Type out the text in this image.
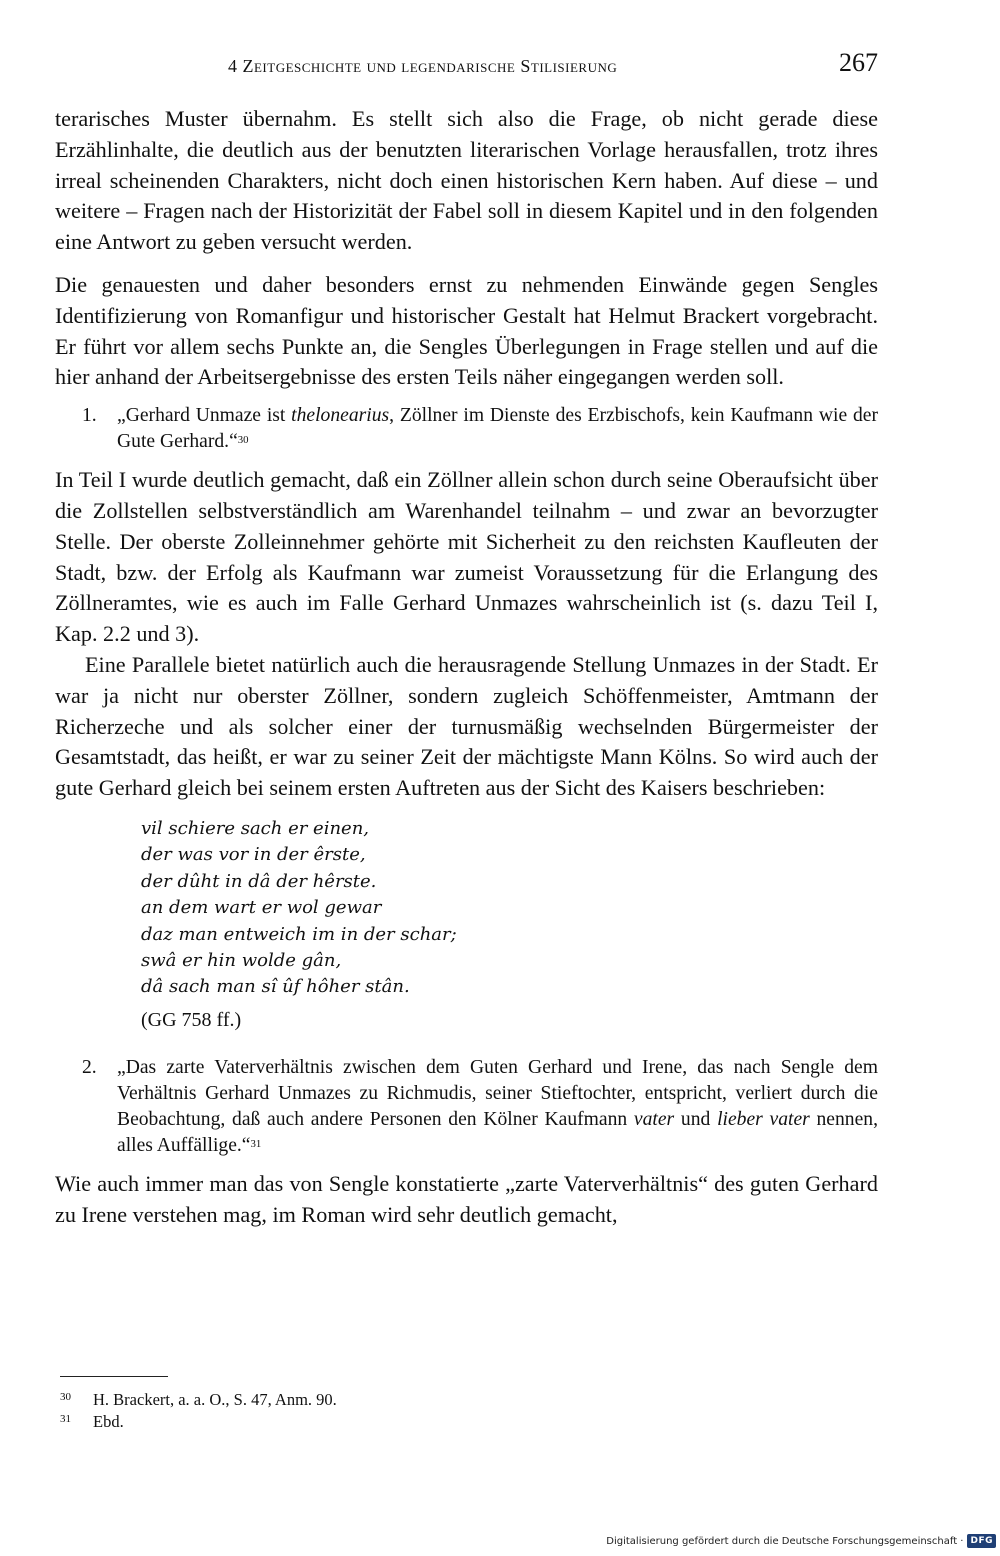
4 Zeitgeschichte und legendarische Stilisierung	267

terarisches Muster übernahm. Es stellt sich also die Frage, ob nicht gerade diese Erzählinhalte, die deutlich aus der benutzten literarischen Vorlage herausfallen, trotz ihres irreal scheinenden Charakters, nicht doch einen historischen Kern haben. Auf diese – und weitere – Fragen nach der Historizität der Fabel soll in diesem Kapitel und in den folgenden eine Antwort zu geben versucht werden.

Die genauesten und daher besonders ernst zu nehmenden Einwände gegen Sengles Identifizierung von Romanfigur und historischer Gestalt hat Helmut Brackert vorgebracht. Er führt vor allem sechs Punkte an, die Sengles Überlegungen in Frage stellen und auf die hier anhand der Arbeitsergebnisse des ersten Teils näher eingegangen werden soll.

1. „Gerhard Unmaze ist thelonearius, Zöllner im Dienste des Erzbischofs, kein Kaufmann wie der Gute Gerhard.“$^{30}$

In Teil I wurde deutlich gemacht, daß ein Zöllner allein schon durch seine Oberaufsicht über die Zollstellen selbstverständlich am Warenhandel teilnahm – und zwar an bevorzugter Stelle. Der oberste Zolleinnehmer gehörte mit Sicherheit zu den reichsten Kaufleuten der Stadt, bzw. der Erfolg als Kaufmann war zumeist Voraussetzung für die Erlangung des Zöllneramtes, wie es auch im Falle Gerhard Unmazes wahrscheinlich ist (s. dazu Teil I, Kap. 2.2 und 3).

Eine Parallele bietet natürlich auch die herausragende Stellung Unmazes in der Stadt. Er war ja nicht nur oberster Zöllner, sondern zugleich Schöffenmeister, Amtmann der Richerzeche und als solcher einer der turnusmäßig wechselnden Bürgermeister der Gesamtstadt, das heißt, er war zu seiner Zeit der mächtigste Mann Kölns. So wird auch der gute Gerhard gleich bei seinem ersten Auftreten aus der Sicht des Kaisers beschrieben:

vil schiere sach er einen,
der was vor in der êrste,
der dûht in dâ der hêrste.
an dem wart er wol gewar
daz man entweich im in der schar;
swâ er hin wolde gân,
dâ sach man sî ûf hôher stân.
(GG 758 ff.)
2. „Das zarte Vaterverhältnis zwischen dem Guten Gerhard und Irene, das nach Sengle dem Verhältnis Gerhard Unmazes zu Richmudis, seiner Stieftochter, entspricht, verliert durch die Beobachtung, daß auch andere Personen den Kölner Kaufmann vater und lieber vater nennen, alles Auffällige.“$^{31}$

Wie auch immer man das von Sengle konstatierte „zarte Vaterverhältnis“ des guten Gerhard zu Irene verstehen mag, im Roman wird sehr deutlich gemacht,

30 H. Brackert, a. a. O., S. 47, Anm. 90.
31 Ebd.
Digitalisierung gefördert durch die Deutsche Forschungsgemeinschaft · DFG
